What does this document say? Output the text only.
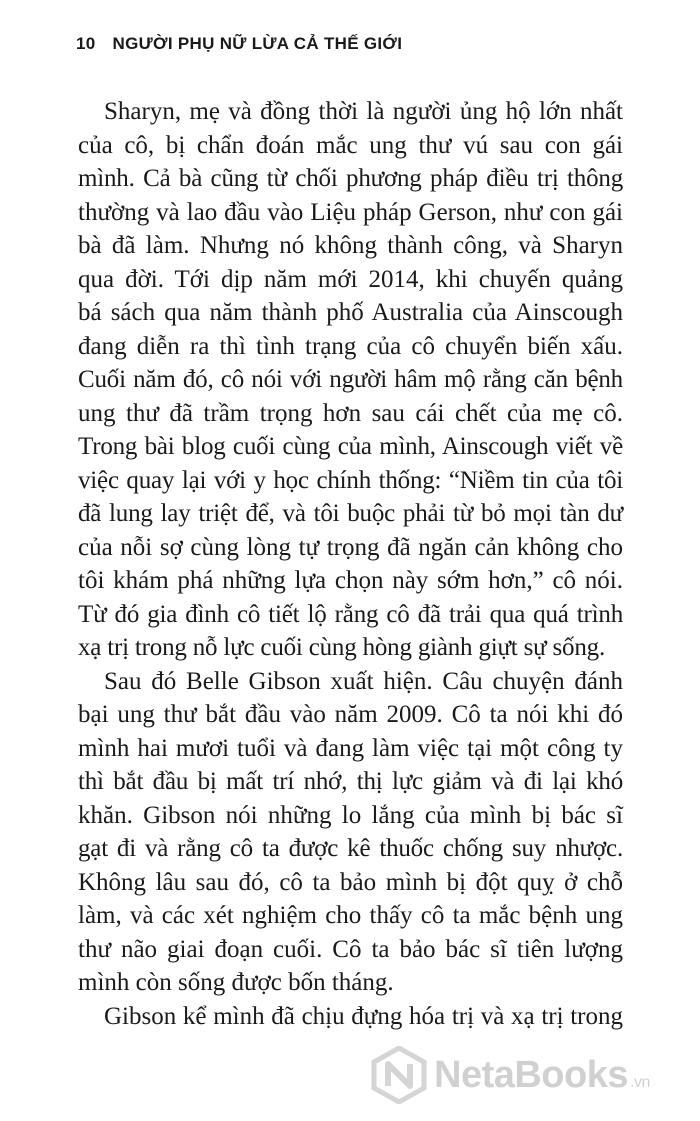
10 NGƯỜI PHỤ NỮ LỪA CẢ THẾ GIỚI
Sharyn, mẹ và đồng thời là người ủng hộ lớn nhất
của cô, bị chẩn đoán mắc ung thư vú sau con gái
mình. Cả bà cũng từ chối phương pháp điều trị thông
thường và lao đầu vào Liệu pháp Gerson, như con gái
bà đã làm. Nhưng nó không thành công, và Sharyn
qua đời. Tới dịp năm mới 2014, khi chuyến quảng
bá sách qua năm thành phố Australia của Ainscough
đang diễn ra thì tình trạng của cô chuyển biến xấu.
Cuối năm đó, cô nói với người hâm mộ rằng căn bệnh
ung thư đã trầm trọng hơn sau cái chết của mẹ cô.
Trong bài blog cuối cùng của mình, Ainscough viết về
việc quay lại với y học chính thống: “Niềm tin của tôi
đã lung lay triệt để, và tôi buộc phải từ bỏ mọi tàn dư
của nỗi sợ cùng lòng tự trọng đã ngăn cản không cho
tôi khám phá những lựa chọn này sớm hơn,” cô nói.
Từ đó gia đình cô tiết lộ rằng cô đã trải qua quá trình
xạ trị trong nỗ lực cuối cùng hòng giành giựt sự sống.
Sau đó Belle Gibson xuất hiện. Câu chuyện đánh
bại ung thư bắt đầu vào năm 2009. Cô ta nói khi đó
mình hai mươi tuổi và đang làm việc tại một công ty
thì bắt đầu bị mất trí nhớ, thị lực giảm và đi lại khó
khăn. Gibson nói những lo lắng của mình bị bác sĩ
gạt đi và rằng cô ta được kê thuốc chống suy nhược.
Không lâu sau đó, cô ta bảo mình bị đột quỵ ở chỗ
làm, và các xét nghiệm cho thấy cô ta mắc bệnh ung
thư não giai đoạn cuối. Cô ta bảo bác sĩ tiên lượng
mình còn sống được bốn tháng.
Gibson kể mình đã chịu đựng hóa trị và xạ trị trong
NetaBooks .vn
